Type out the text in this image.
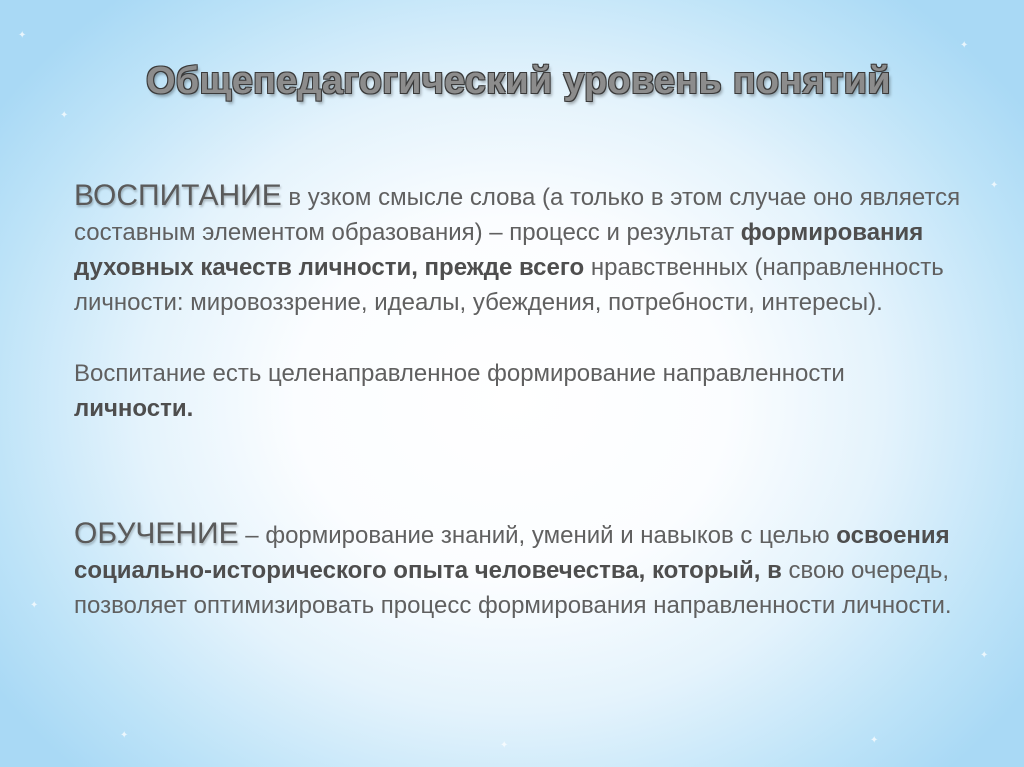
✦
✦
✦
✦
✦
✦
✦
✦	✦
Общепедагогический уровень понятий
ВОСПИТАНИЕ в узком смысле слова (а только в этом случае оно является составным элементом образования) – процесс и результат формирования духовных качеств личности, прежде всего нравственных (направленность личности: мировоззрение, идеалы, убеждения, потребности, интересы).
Воспитание есть целенаправленное формирование направленности личности.
ОБУЧЕНИЕ – формирование знаний, умений и навыков с целью освоения социально-исторического опыта человечества, который, в свою очередь, позволяет оптимизировать процесс формирования направленности личности.
